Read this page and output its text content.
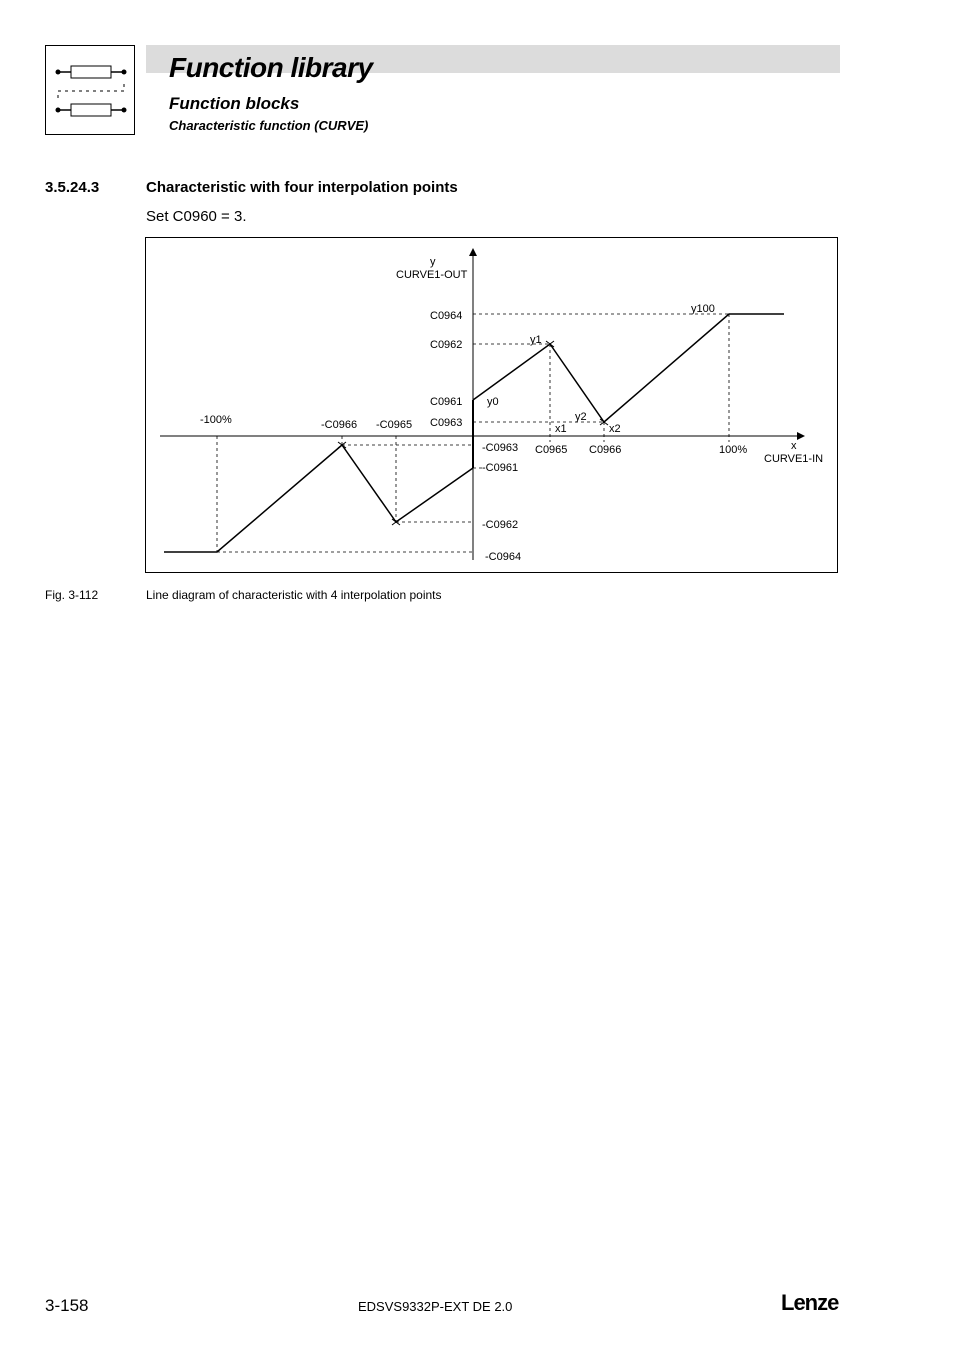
Function library
Function blocks
Characteristic function (CURVE)
3.5.24.3	Characteristic with four interpolation points
Set C0960 = 3.
y
CURVE1-OUT
x
CURVE1-IN
C0964
C0962
C0961
C0963
-C0963
-C0961
-C0962
-C0964
-100%	-C0966 -C0965
C0965 C0966	100%
y0
y1
y2
y100
x1	x2
Fig. 3-112	Line diagram of characteristic with 4 interpolation points
3-158	EDSVS9332P-EXT DE 2.0	Lenze
